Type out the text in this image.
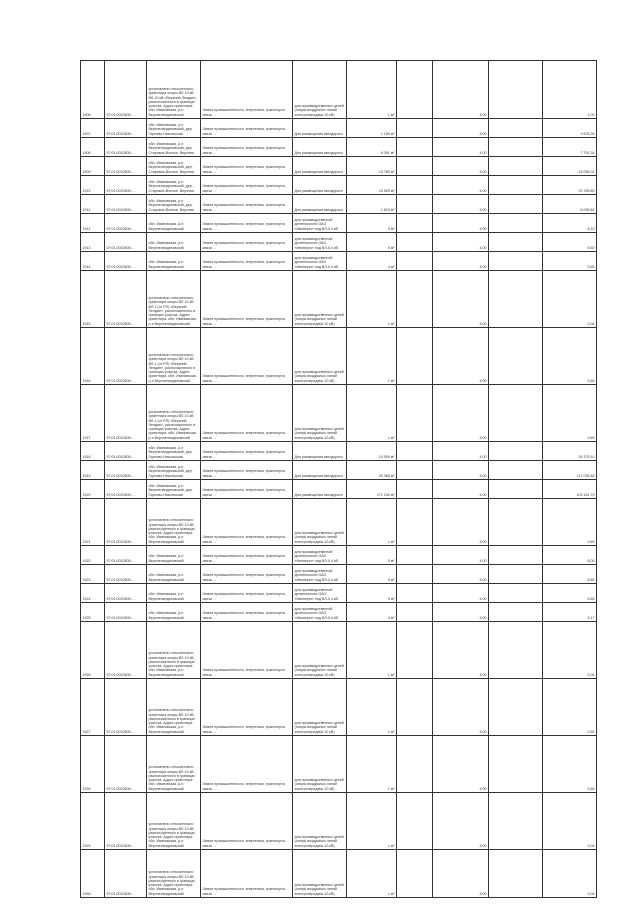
1906	57:01:0010505:...	установлено относительно ориентира опоры ВЛ-10 кВ ВЛ-10 кВ «Верхний Лендан», расположенного в границах участка. Адрес ориентира: обл. Ивановская, р-н Верхнеландеховский	Земли промышленности, энергетики, транспорта, связи ...	для производственных целей (опоры воздушных линий электропередачи 10 кВ)	1 м²		4,00		1,00
1907	57:01:0010505:...	обл. Ивановская, р-н Верхнеландеховский, дер. Горлово-Никольская	Земли промышленности, энергетики, транспорта, связи ...	Для размещения автодороги	1 150 м²		4,00		3 676,35
1908	57:01:0010505:...	обл. Ивановская, р-н Верхнеландеховский, дер. Старовое-Волчье, Верхняя	Земли промышленности, энергетики, транспорта, связи ...	Для размещения автодороги	6 391 м²		4,00		7 791,34
1909	57:01:0010505:...	обл. Ивановская, р-н Верхнеландеховский, дер. Старовое-Волчье, Верхняя	Земли промышленности, энергетики, транспорта, связи ...	Для размещения автодороги	19 780 м²		4,00		24 094,01
1910	57:01:0010505:...	обл. Ивановская, р-н Верхнеландеховский, дер. Старовое-Волчье, Верхняя	Земли промышленности, энергетики, транспорта, связи ...	Для размещения автодороги	19 509 м²		4,00		23 765,80
1911	57:01:0010505:...	обл. Ивановская, р-н Верхнеландеховский, дер. Старовое-Волчье, Верхняя	Земли промышленности, энергетики, транспорта, связи ...	Для размещения автодороги	1 810 м²		4,00		6 099,62
1912	57:01:0010505:...	обл. Ивановская, р-н Верхнеландеховский	Земли промышленности, энергетики, транспорта, связи ...	для производственной деятельности ОАО «Ивэнерго» под ВЛ-0,4 кВ	5 м²		4,00		6,10
1913	57:01:0010505:...	обл. Ивановская, р-н Верхнеландеховский	Земли промышленности, энергетики, транспорта, связи ...	для производственной деятельности ОАО «Ивэнерго» под ВЛ-0,4 кВ	5 м²		4,00		6,60
1914	57:01:0010505:...	обл. Ивановская, р-н Верхнеландеховский	Земли промышленности, энергетики, транспорта, связи ...	для производственной деятельности ОАО «Ивэнерго» под ВЛ-0,4 кВ	4 м²		4,00		5,65
1915	57:01:0010505:...	установлено относительно ориентира опоры ВЛ-10 кВ ВЛ-1 (от РП) «Верхний Лендан», расположенного в границах участка. Адрес ориентира: обл. Ивановская, р-н Верхнеландеховский	Земли промышленности, энергетики, транспорта, связи ...	для производственных целей (опоры воздушных линий электропередачи 10 кВ)	1 м²		4,00		0,04
1916	57:01:0010505:...	установлено относительно ориентира опоры ВЛ-10 кВ ВЛ-1 (от РП) «Верхний Лендан», расположенного в границах участка. Адрес ориентира: обл. Ивановская, р-н Верхнеландеховский	Земли промышленности, энергетики, транспорта, связи ...	для производственных целей (опоры воздушных линий электропередачи 10 кВ)	1 м²		4,00		0,65
1917	57:01:0010505:...	установлено относительно ориентира опоры ВЛ-10 кВ ВЛ-1 (от РП) «Верхний Лендан», расположенного в границах участка. Адрес ориентира: обл. Ивановская, р-н Верхнеландеховский	Земли промышленности, энергетики, транспорта, связи ...	для производственных целей (опоры воздушных линий электропередачи 10 кВ)	1 м²		4,00		0,65
1918	57:01:0010505:...	обл. Ивановская, р-н Верхнеландеховский, дер. Горлово-Никольская	Земли промышленности, энергетики, транспорта, связи ...	Для размещения автодороги	14 509 м²		4,00		16 375,10
1919	57:01:0010505:...	обл. Ивановская, р-н Верхнеландеховский, дер. Горлово-Никольская	Земли промышленности, энергетики, транспорта, связи ...	Для размещения автодороги	90 365 м²		4,00		117 035,46
1920	57:01:0010505:...	обл. Ивановская, р-н Верхнеландеховский, дер. Горлово-Никольская	Земли промышленности, энергетики, транспорта, связи ...	Для размещения автодороги	171 240 м²		4,00		103 161,79
1921	57:01:0010505:...	установлено относительно ориентира опоры ВЛ-10 кВ, расположенного в границах участка. Адрес ориентира: обл. Ивановская, р-н Верхнеландеховский	Земли промышленности, энергетики, транспорта, связи ...	для производственных целей (опоры воздушных линий электропередачи 10 кВ)	1 м²		4,00		0,65
1922	57:01:0010505:...	обл. Ивановская, р-н Верхнеландеховский	Земли промышленности, энергетики, транспорта, связи ...	для производственной деятельности ОАО «Ивэнерго» под ВЛ-0,4 кВ	5 м²		4,00		6,00
1923	57:01:0010505:...	обл. Ивановская, р-н Верхнеландеховский	Земли промышленности, энергетики, транспорта, связи ...	для производственной деятельности ОАО «Ивэнерго» под ВЛ-0,4 кВ	5 м²		4,00		6,65
1924	57:01:0010505:...	обл. Ивановская, р-н Верхнеландеховский	Земли промышленности, энергетики, транспорта, связи ...	для производственной деятельности ОАО «Ивэнерго» под ВЛ-0,4 кВ	5 м²		4,00		6,65
1925	57:01:0010505:...	обл. Ивановская, р-н Верхнеландеховский	Земли промышленности, энергетики, транспорта, связи ...	для производственной деятельности ОАО «Ивэнерго» под ВЛ-0,4 кВ	4 м²		4,00		4,17
1926	57:01:0010505:...	установлено относительно ориентира опоры ВЛ-10 кВ, расположенного в границах участка. Адрес ориентира: обл. Ивановская, р-н Верхнеландеховский	Земли промышленности, энергетики, транспорта, связи ...	для производственных целей (опоры воздушных линий электропередачи 10 кВ)	1 м²		4,00		0,04
1927	57:01:0010505:...	установлено относительно ориентира опоры ВЛ-10 кВ, расположенного в границах участка. Адрес ориентира: обл. Ивановская, р-н Верхнеландеховский	Земли промышленности, энергетики, транспорта, связи ...	для производственных целей (опоры воздушных линий электропередачи 10 кВ)	1 м²		4,00		0,65
1928	57:01:0010505:...	установлено относительно ориентира опоры ВЛ-10 кВ, расположенного в границах участка. Адрес ориентира: обл. Ивановская, р-н Верхнеландеховский	Земли промышленности, энергетики, транспорта, связи ...	для производственных целей (опоры воздушных линий электропередачи 10 кВ)	1 м²		4,00		0,65
1929	57:01:0010505:...	установлено относительно ориентира опоры ВЛ-10 кВ, расположенного в границах участка. Адрес ориентира: обл. Ивановская, р-н Верхнеландеховский	Земли промышленности, энергетики, транспорта, связи ...	для производственных целей (опоры воздушных линий электропередачи 10 кВ)	1 м²		4,00		0,04
1930	57:01:0010505:...	установлено относительно ориентира опоры ВЛ-10 кВ, расположенного в границах участка. Адрес ориентира: обл. Ивановская, р-н Верхнеландеховский	Земли промышленности, энергетики, транспорта, связи ...	для производственных целей (опоры воздушных линий электропередачи 10 кВ)	1 м²		4,00		0,04
